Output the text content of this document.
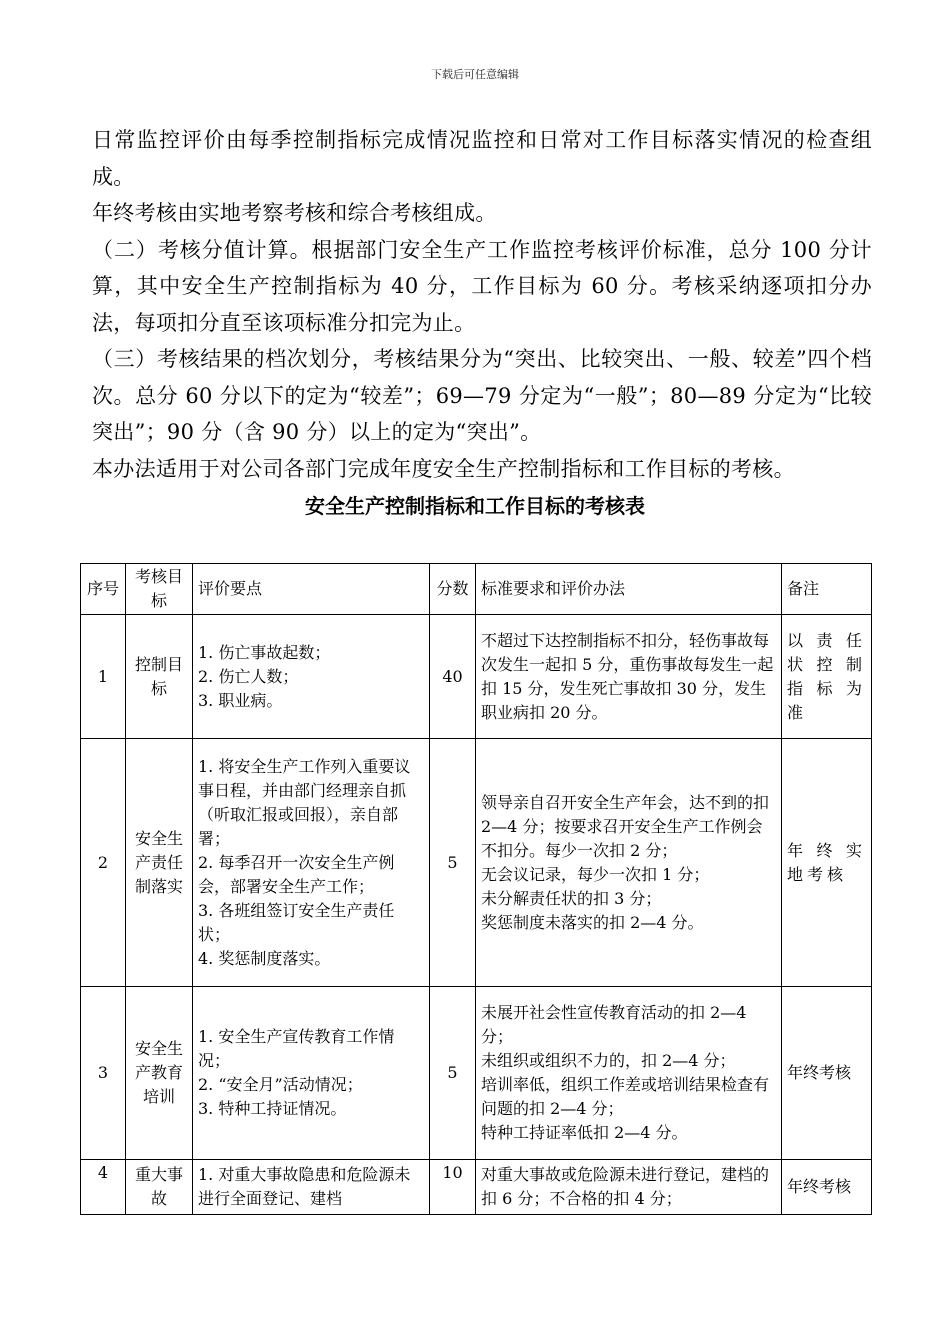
下载后可任意编辑

日常监控评价由每季控制指标完成情况监控和日常对工作目标落实情况的检查组成。

年终考核由实地考察考核和综合考核组成。

（二）考核分值计算。根据部门安全生产工作监控考核评价标准，总分 100 分计算，其中安全生产控制指标为 40 分，工作目标为 60 分。考核采纳逐项扣分办法，每项扣分直至该项标准分扣完为止。

（三）考核结果的档次划分，考核结果分为“突出、比较突出、一般、较差”四个档次。总分 60 分以下的定为“较差”；69—79 分定为“一般”；80—89 分定为“比较突出”；90 分（含 90 分）以上的定为“突出”。

本办法适用于对公司各部门完成年度安全生产控制指标和工作目标的考核。

安全生产控制指标和工作目标的考核表
序号	考核目标	评价要点	分数	标准要求和评价办法	备注
1	控制目标	1. 伤亡事故起数；
2. 伤亡人数；
3. 职业病。	40	不超过下达控制指标不扣分，轻伤事故每次发生一起扣 5 分，重伤事故每发生一起扣 15 分，发生死亡事故扣 30 分，发生职业病扣 20 分。	以责任状控制指标为准
2	安全生产责任制落实	1. 将安全生产工作列入重要议事日程，并由部门经理亲自抓（听取汇报或回报），亲自部署；
2. 每季召开一次安全生产例会，部署安全生产工作；
3. 各班组签订安全生产责任状；
4. 奖惩制度落实。	5	领导亲自召开安全生产年会，达不到的扣 2—4 分；按要求召开安全生产工作例会不扣分。每少一次扣 2 分；
无会议记录，每少一次扣 1 分；
未分解责任状的扣 3 分；
奖惩制度未落实的扣 2—4 分。	年终实地考核
3	安全生产教育培训	1. 安全生产宣传教育工作情况；
2. “安全月”活动情况；
3. 特种工持证情况。	5	未展开社会性宣传教育活动的扣 2—4 分；
未组织或组织不力的，扣 2—4 分；
培训率低，组织工作差或培训结果检查有问题的扣 2—4 分；
特种工持证率低扣 2—4 分。	年终考核
4	重大事故	1. 对重大事故隐患和危险源未进行全面登记、建档	10	对重大事故或危险源未进行登记，建档的扣 6 分；不合格的扣 4 分；	年终考核
